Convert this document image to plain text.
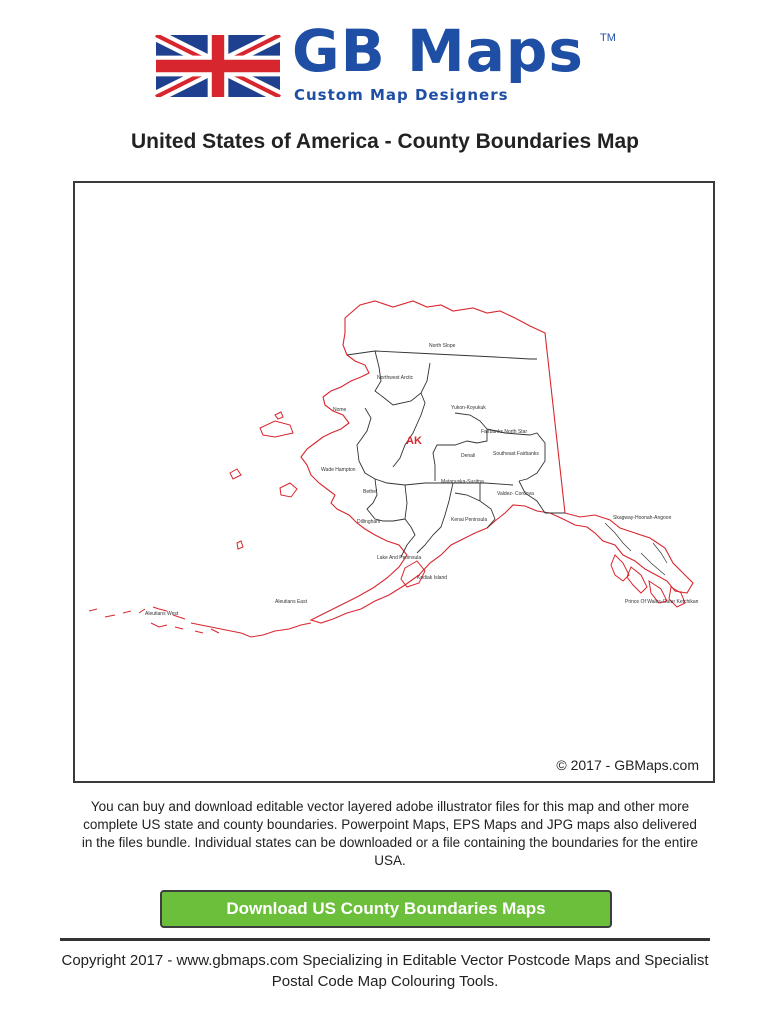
GB Maps TM
Custom Map Designers
United States of America - County Boundaries Map
AK
North Slope
Northwest Arctic
Nome	Yukon-Koyukuk
Fairbanks North Star
Denali	Southeast Fairbanks
Wade Hampton
Matanuska-Susitna
Bethel	Valdez- Cordova
Dillingham	Kenai Peninsula
Lake And Peninsula
Kodiak Island
Aleutians East
Aleutians West
Skagway-Hoonah-Angoon
Prince Of Wales-Outer Ketchikan
© 2017 - GBMaps.com
You can buy and download editable vector layered adobe illustrator files for this map and other more complete US state and county boundaries. Powerpoint Maps, EPS Maps and JPG maps also delivered in the files bundle. Individual states can be downloaded or a file containing the boundaries for the entire USA.
Download US County Boundaries Maps
Copyright 2017 - www.gbmaps.com Specializing in Editable Vector Postcode Maps and Specialist Postal Code Map Colouring Tools.
